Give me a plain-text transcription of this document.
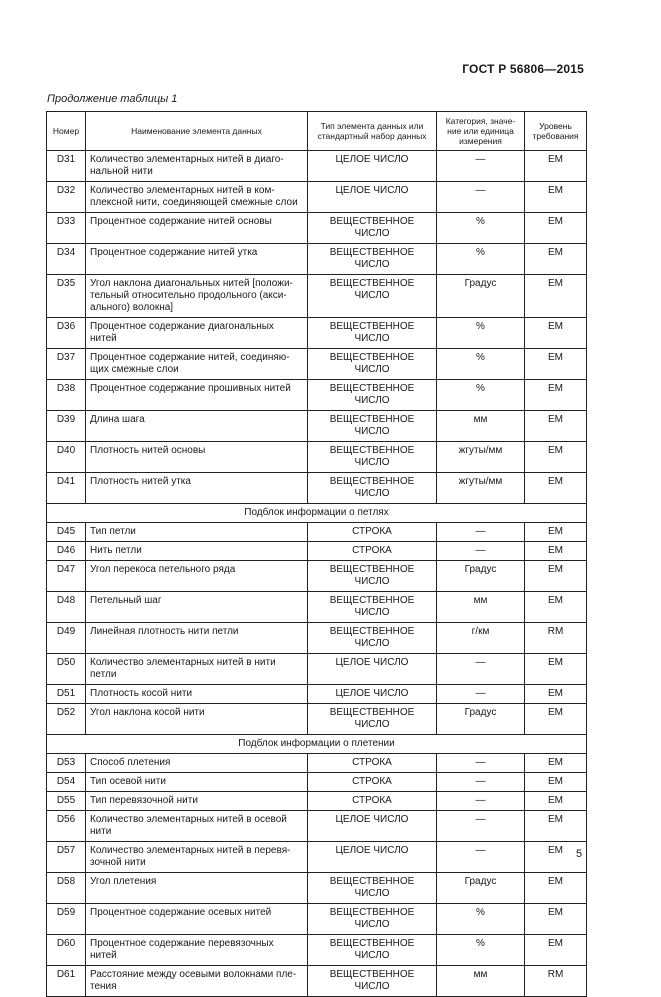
ГОСТ Р 56806—2015
Продолжение таблицы 1
Номер	Наименование элемента данных	Тип элемента данных или стандартный набор данных	Категория, значе- ние или единица измерения	Уровень требования
D31	Количество элементарных нитей в диаго- нальной нити	ЦЕЛОЕ ЧИСЛО	—	ЕМ
D32	Количество элементарных нитей в ком- плексной нити, соединяющей смежные слои	ЦЕЛОЕ ЧИСЛО	—	ЕМ
D33	Процентное содержание нитей основы	ВЕЩЕСТВЕННОЕ ЧИСЛО	%	ЕМ
D34	Процентное содержание нитей утка	ВЕЩЕСТВЕННОЕ ЧИСЛО	%	ЕМ
D35	Угол наклона диагональных нитей [положи- тельный относительно продольного (акси- ального) волокна]	ВЕЩЕСТВЕННОЕ ЧИСЛО	Градус	ЕМ
D36	Процентное содержание диагональных нитей	ВЕЩЕСТВЕННОЕ ЧИСЛО	%	ЕМ
D37	Процентное содержание нитей, соединяю- щих смежные слои	ВЕЩЕСТВЕННОЕ ЧИСЛО	%	ЕМ
D38	Процентное содержание прошивных нитей	ВЕЩЕСТВЕННОЕ ЧИСЛО	%	ЕМ
D39	Длина шага	ВЕЩЕСТВЕННОЕ ЧИСЛО	мм	ЕМ
D40	Плотность нитей основы	ВЕЩЕСТВЕННОЕ ЧИСЛО	жгуты/мм	ЕМ
D41	Плотность нитей утка	ВЕЩЕСТВЕННОЕ ЧИСЛО	жгуты/мм	ЕМ
Подблок информации о петлях				
D45	Тип петли	СТРОКА	—	ЕМ
D46	Нить петли	СТРОКА	—	ЕМ
D47	Угол перекоса петельного ряда	ВЕЩЕСТВЕННОЕ ЧИСЛО	Градус	ЕМ
D48	Петельный шаг	ВЕЩЕСТВЕННОЕ ЧИСЛО	мм	ЕМ
D49	Линейная плотность нити петли	ВЕЩЕСТВЕННОЕ ЧИСЛО	г/км	RM
D50	Количество элементарных нитей в нити петли	ЦЕЛОЕ ЧИСЛО	—	ЕМ
D51	Плотность косой нити	ЦЕЛОЕ ЧИСЛО	—	ЕМ
D52	Угол наклона косой нити	ВЕЩЕСТВЕННОЕ ЧИСЛО	Градус	ЕМ
Подблок информации о плетении				
D53	Способ плетения	СТРОКА	—	ЕМ
D54	Тип осевой нити	СТРОКА	—	ЕМ
D55	Тип перевязочной нити	СТРОКА	—	ЕМ
D56	Количество элементарных нитей в осевой нити	ЦЕЛОЕ ЧИСЛО	—	ЕМ
D57	Количество элементарных нитей в перевя- зочной нити	ЦЕЛОЕ ЧИСЛО	—	ЕМ
D58	Угол плетения	ВЕЩЕСТВЕННОЕ ЧИСЛО	Градус	ЕМ
D59	Процентное содержание осевых нитей	ВЕЩЕСТВЕННОЕ ЧИСЛО	%	ЕМ
D60	Процентное содержание перевязочных нитей	ВЕЩЕСТВЕННОЕ ЧИСЛО	%	ЕМ
D61	Расстояние между осевыми волокнами пле- тения	ВЕЩЕСТВЕННОЕ ЧИСЛО	мм	RM
5
